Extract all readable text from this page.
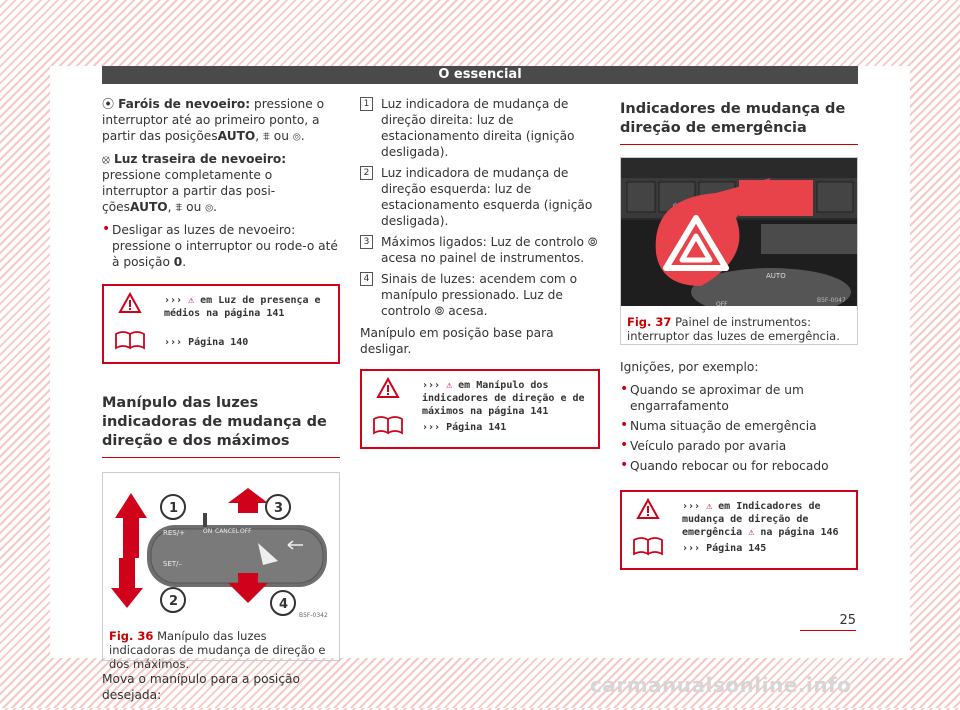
O essencial

⦿ Faróis de nevoeiro: pressione o interruptor até ao primeiro ponto, a partir das posiçõesAUTO, ⩨ ou ⦾.

⦻ Luz traseira de nevoeiro: pressione completamente o interruptor a partir das posiçõesAUTO, ⩨ ou ⦾.

• Desligar as luzes de nevoeiro: pressione o interruptor ou rode-o até à posição 0.

››› ⚠ em Luz de presença e médios na página 141
››› Página 140
Manípulo das luzes indicadoras de mudança de direção e dos máximos
RES/+
SET/–
ON CANCEL OFF
1
2
3
4
B5F-0342
Fig. 36 Manípulo das luzes indicadoras de mudança de direção e dos máximos.

Mova o manípulo para a posição desejada:

1 Luz indicadora de mudança de direção direita: luz de estacionamento direita (ignição desligada).
2 Luz indicadora de mudança de direção esquerda: luz de estacionamento esquerda (ignição desligada).
3 Máximos ligados: Luz de controlo ⦾ acesa no painel de instrumentos.
4 Sinais de luzes: acendem com o manípulo pressionado. Luz de controlo ⦾ acesa.

Manípulo em posição base para desligar.

››› ⚠ em Manípulo dos indicadores de direção e de máximos na página 141
››› Página 141
Indicadores de mudança de direção de emergência
AUTO
OFF
B5F-0047
Fig. 37 Painel de instrumentos: interruptor das luzes de emergência.

Ignições, por exemplo:

• Quando se aproximar de um engarrafamento

• Numa situação de emergência

• Veículo parado por avaria

• Quando rebocar ou for rebocado

››› ⚠ em Indicadores de mudança de direção de emergência ⚠ na página 146
››› Página 145
25
carmanualsonline.info
